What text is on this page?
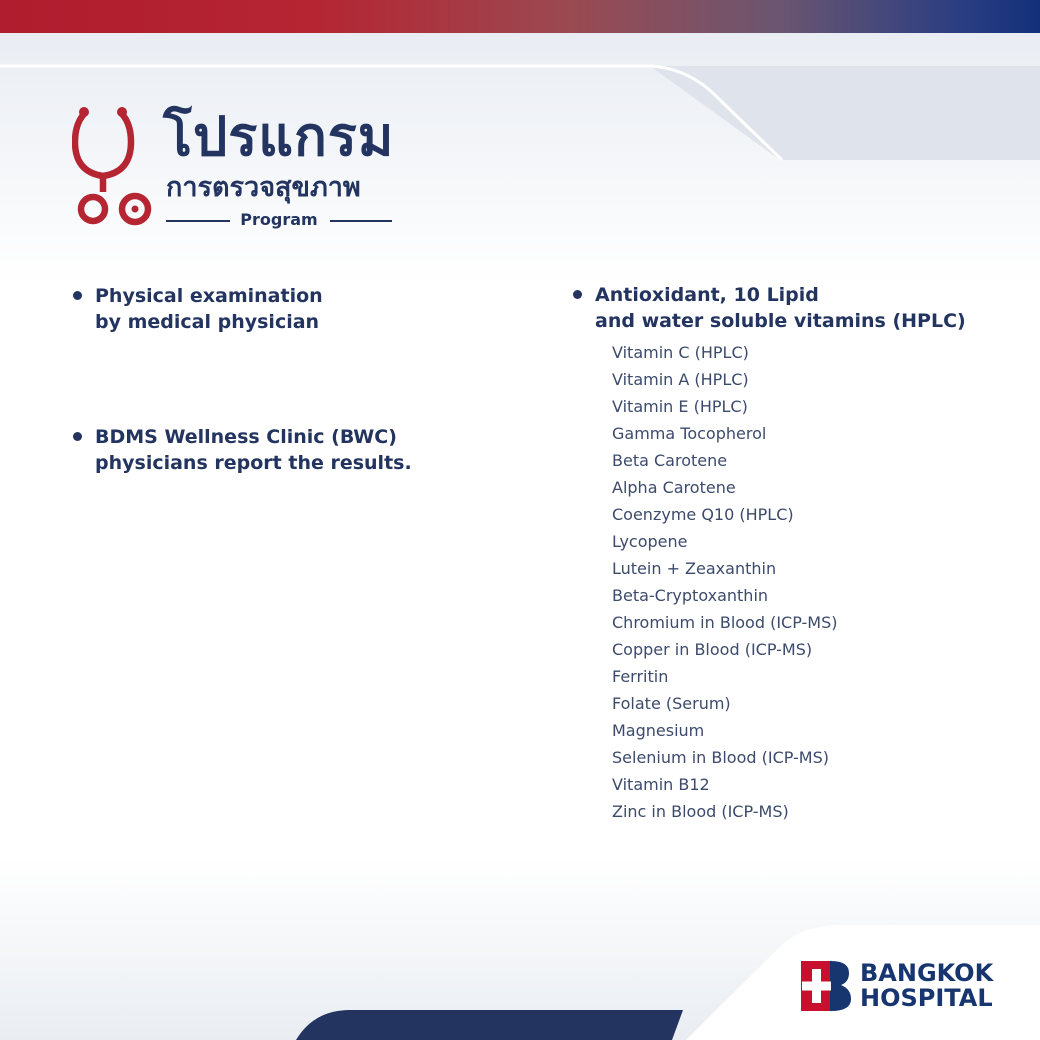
โปรแกรม
การตรวจสุขภาพ
Program
Physical examination
by medical physician
BDMS Wellness Clinic (BWC)
physicians report the results.
Antioxidant, 10 Lipid
and water soluble vitamins (HPLC)
Vitamin C (HPLC)
Vitamin A (HPLC)
Vitamin E (HPLC)
Gamma Tocopherol
Beta Carotene
Alpha Carotene
Coenzyme Q10 (HPLC)
Lycopene
Lutein + Zeaxanthin
Beta-Cryptoxanthin
Chromium in Blood (ICP-MS)
Copper in Blood (ICP-MS)
Ferritin
Folate (Serum)
Magnesium
Selenium in Blood (ICP-MS)
Vitamin B12
Zinc in Blood (ICP-MS)
BANGKOK
HOSPITAL
